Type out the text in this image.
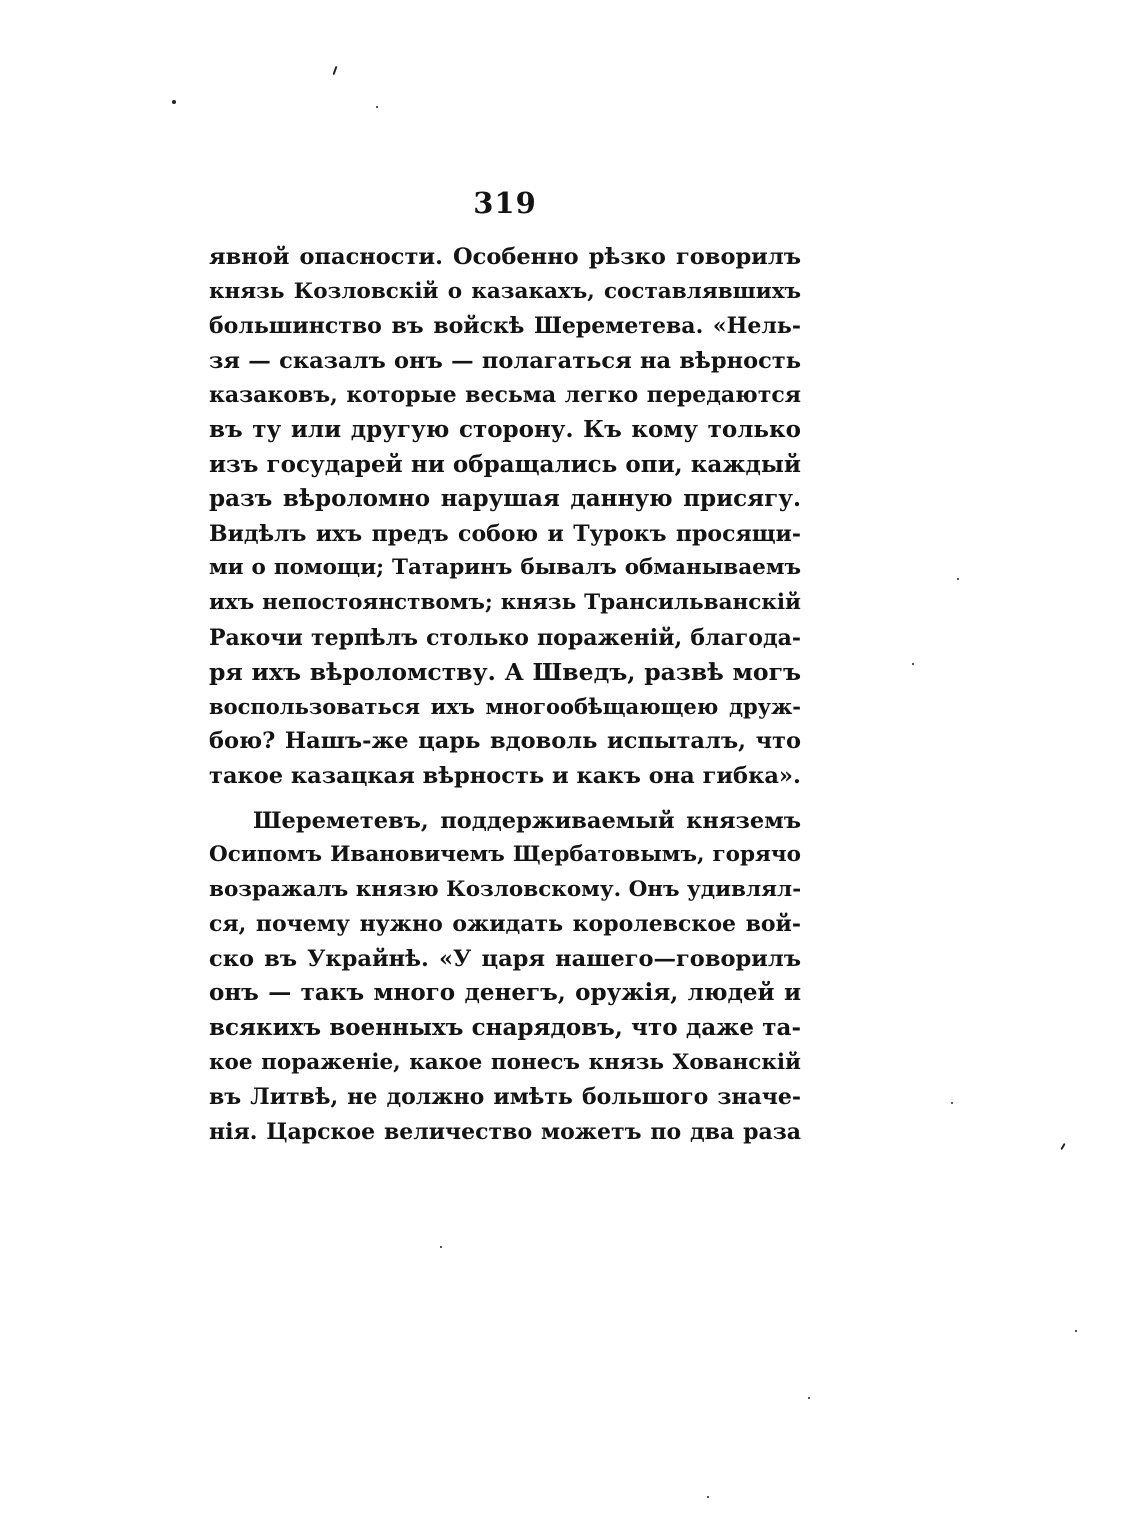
319
явной опасности. Особенно рѣзко говорилъ
князь Козловскій о казакахъ, составлявшихъ
большинство въ войскѣ Шереметева. «Нель-
зя — сказалъ онъ — полагаться на вѣрность
казаковъ, которые весьма легко передаются
въ ту или другую сторону. Къ кому только
изъ государей ни обращались опи, каждый
разъ вѣроломно нарушая данную присягу.
Видѣлъ ихъ предъ собою и Турокъ просящи-
ми о помощи; Татаринъ бывалъ обманываемъ
ихъ непостоянствомъ; князь Трансильванскій
Ракочи терпѣлъ столько пораженій, благода-
ря ихъ вѣроломству. А Шведъ, развѣ могъ
воспользоваться ихъ многообѣщающею друж-
бою? Нашъ-же царь вдоволь испыталъ, что
такое казацкая вѣрность и какъ она гибка».
Шереметевъ, поддерживаемый княземъ
Осипомъ Ивановичемъ Щербатовымъ, горячо
возражалъ князю Козловскому. Онъ удивлял-
ся, почему нужно ожидать королевское вой-
ско въ Украйнѣ. «У царя нашего—говорилъ
онъ — такъ много денегъ, оружія, людей и
всякихъ военныхъ снарядовъ, что даже та-
кое пораженіе, какое понесъ князь Хованскій
въ Литвѣ, не должно имѣть большого значе-
нія. Царское величество можетъ по два раза
